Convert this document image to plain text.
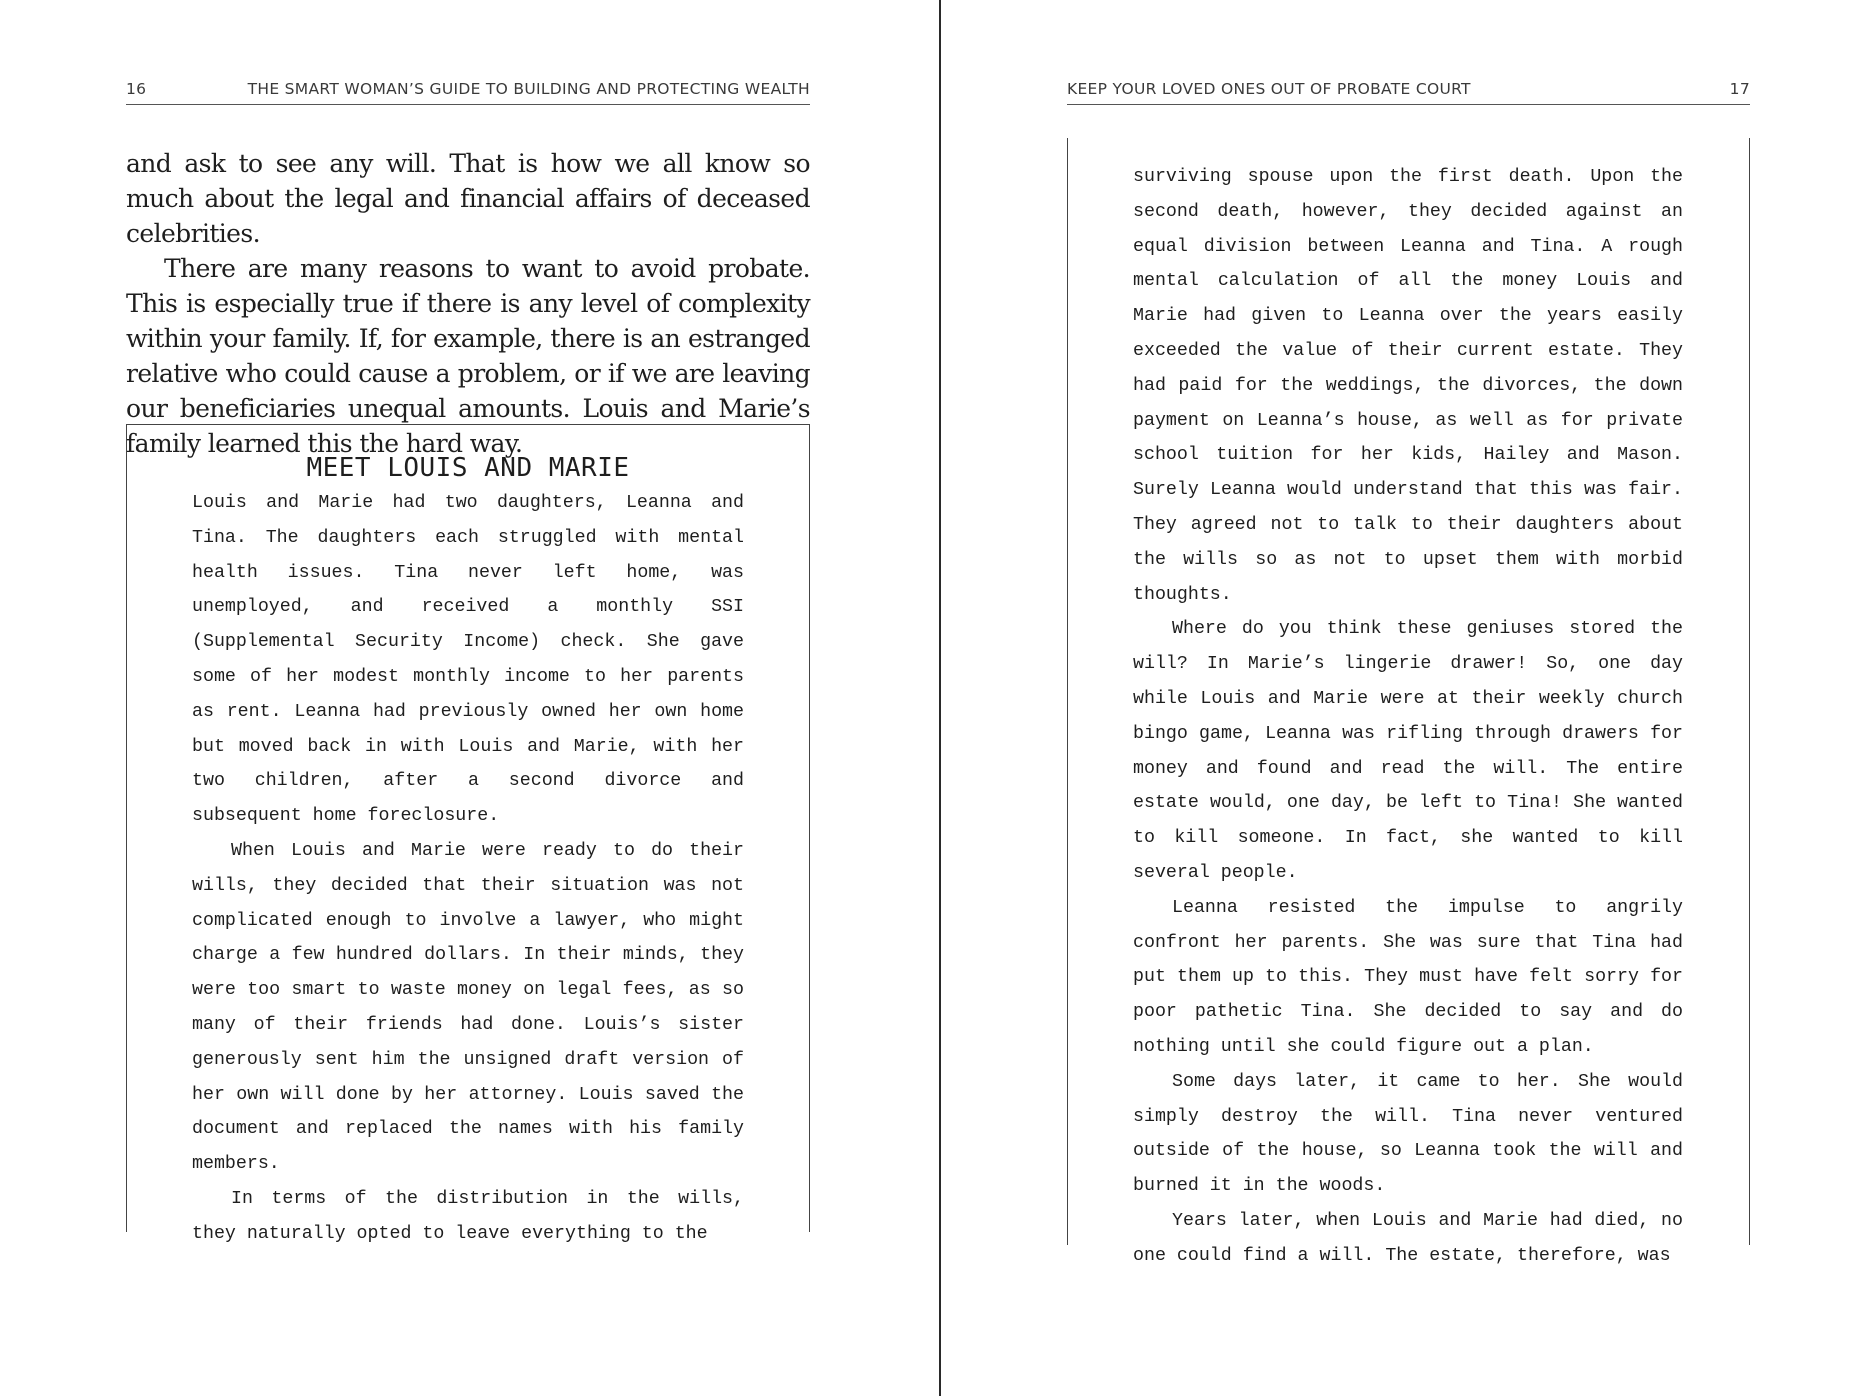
16	THE SMART WOMAN’S GUIDE TO BUILDING AND PROTECTING WEALTH

and ask to see any will. That is how we all know so much about the legal and financial affairs of deceased celebrities.

There are many reasons to want to avoid probate. This is especially true if there is any level of complexity within your family. If, for example, there is an estranged relative who could cause a problem, or if we are leaving our beneficiaries unequal amounts. Louis and Marie’s family learned this the hard way.

MEET LOUIS AND MARIE

Louis and Marie had two daughters, Leanna and Tina. The daughters each struggled with mental health issues. Tina never left home, was unemployed, and received a monthly SSI (Supplemental Security Income) check. She gave some of her modest monthly income to her parents as rent. Leanna had previously owned her own home but moved back in with Louis and Marie, with her two children, after a second divorce and subsequent home foreclosure.

When Louis and Marie were ready to do their wills, they decided that their situation was not complicated enough to involve a lawyer, who might charge a few hundred dollars. In their minds, they were too smart to waste money on legal fees, as so many of their friends had done. Louis’s sister generously sent him the unsigned draft version of her own will done by her attorney. Louis saved the document and replaced the names with his family members.

In terms of the distribution in the wills, they naturally opted to leave everything to the

KEEP YOUR LOVED ONES OUT OF PROBATE COURT	17

surviving spouse upon the first death. Upon the second death, however, they decided against an equal division between Leanna and Tina. A rough mental calculation of all the money Louis and Marie had given to Leanna over the years easily exceeded the value of their current estate. They had paid for the weddings, the divorces, the down payment on Leanna’s house, as well as for private school tuition for her kids, Hailey and Mason. Surely Leanna would understand that this was fair. They agreed not to talk to their daughters about the wills so as not to upset them with morbid thoughts.

Where do you think these geniuses stored the will? In Marie’s lingerie drawer! So, one day while Louis and Marie were at their weekly church bingo game, Leanna was rifling through drawers for money and found and read the will. The entire estate would, one day, be left to Tina! She wanted to kill someone. In fact, she wanted to kill several people.

Leanna resisted the impulse to angrily confront her parents. She was sure that Tina had put them up to this. They must have felt sorry for poor pathetic Tina. She decided to say and do nothing until she could figure out a plan.

Some days later, it came to her. She would simply destroy the will. Tina never ventured outside of the house, so Leanna took the will and burned it in the woods.

Years later, when Louis and Marie had died, no one could find a will. The estate, therefore, was
